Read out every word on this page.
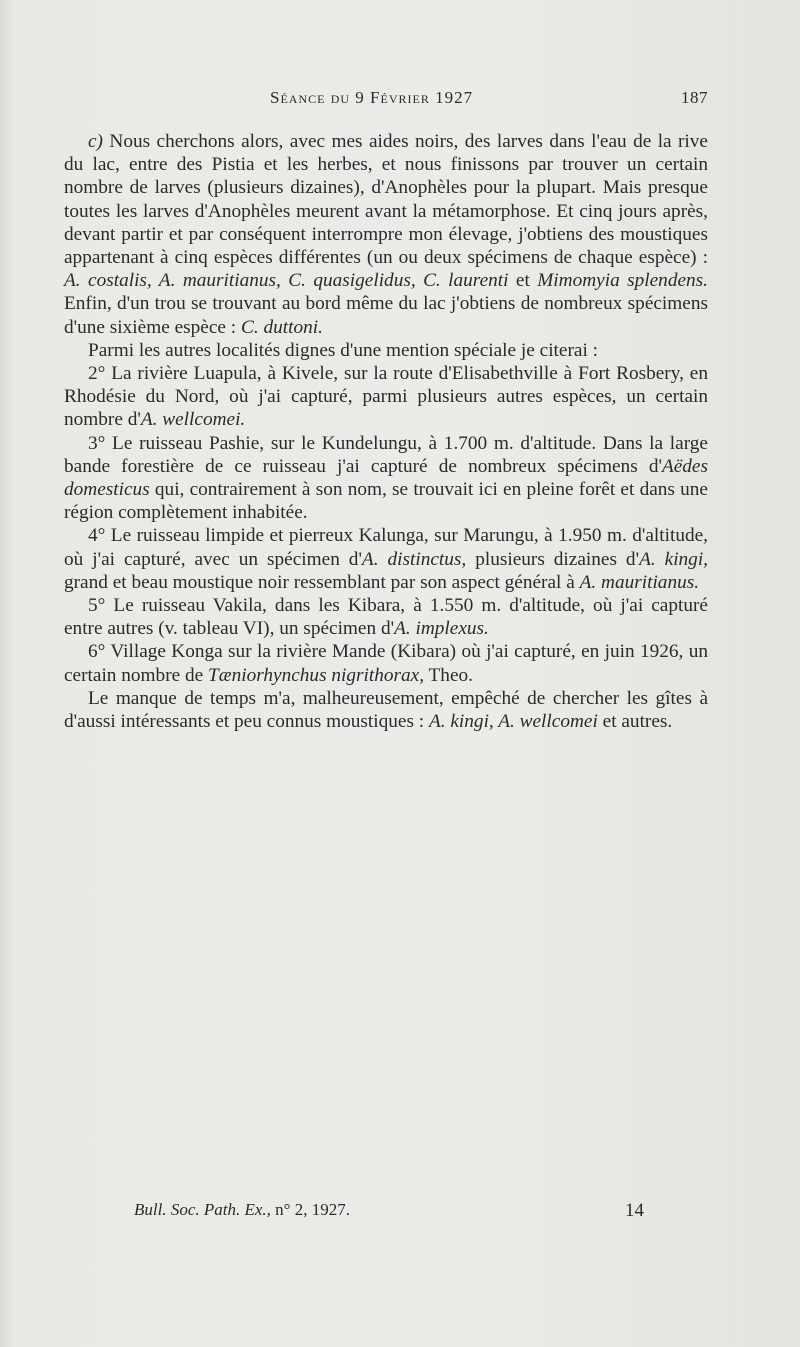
Séance du 9 Février 1927	187

c) Nous cherchons alors, avec mes aides noirs, des larves dans l'eau de la rive du lac, entre des Pistia et les herbes, et nous finissons par trouver un certain nombre de larves (plusieurs dizaines), d'Anophèles pour la plupart. Mais presque toutes les larves d'Anophèles meurent avant la métamorphose. Et cinq jours après, devant partir et par conséquent interrompre mon élevage, j'obtiens des moustiques appartenant à cinq espèces différentes (un ou deux spécimens de chaque espèce) : A. costalis, A. mauritianus, C. quasigelidus, C. laurenti et Mimomyia splendens. Enfin, d'un trou se trouvant au bord même du lac j'obtiens de nombreux spécimens d'une sixième espèce : C. duttoni.

Parmi les autres localités dignes d'une mention spéciale je citerai :

2° La rivière Luapula, à Kivele, sur la route d'Elisabethville à Fort Rosbery, en Rhodésie du Nord, où j'ai capturé, parmi plusieurs autres espèces, un certain nombre d'A. wellcomei.

3° Le ruisseau Pashie, sur le Kundelungu, à 1.700 m. d'altitude. Dans la large bande forestière de ce ruisseau j'ai capturé de nombreux spécimens d'Aëdes domesticus qui, contrairement à son nom, se trouvait ici en pleine forêt et dans une région complètement inhabitée.

4° Le ruisseau limpide et pierreux Kalunga, sur Marungu, à 1.950 m. d'altitude, où j'ai capturé, avec un spécimen d'A. distinctus, plusieurs dizaines d'A. kingi, grand et beau moustique noir ressemblant par son aspect général à A. mauritianus.

5° Le ruisseau Vakila, dans les Kibara, à 1.550 m. d'altitude, où j'ai capturé entre autres (v. tableau VI), un spécimen d'A. implexus.

6° Village Konga sur la rivière Mande (Kibara) où j'ai capturé, en juin 1926, un certain nombre de Tæniorhynchus nigrithorax, Theo.

Le manque de temps m'a, malheureusement, empêché de chercher les gîtes à d'aussi intéressants et peu connus moustiques : A. kingi, A. wellcomei et autres.

Bull. Soc. Path. Ex., n° 2, 1927.	14
